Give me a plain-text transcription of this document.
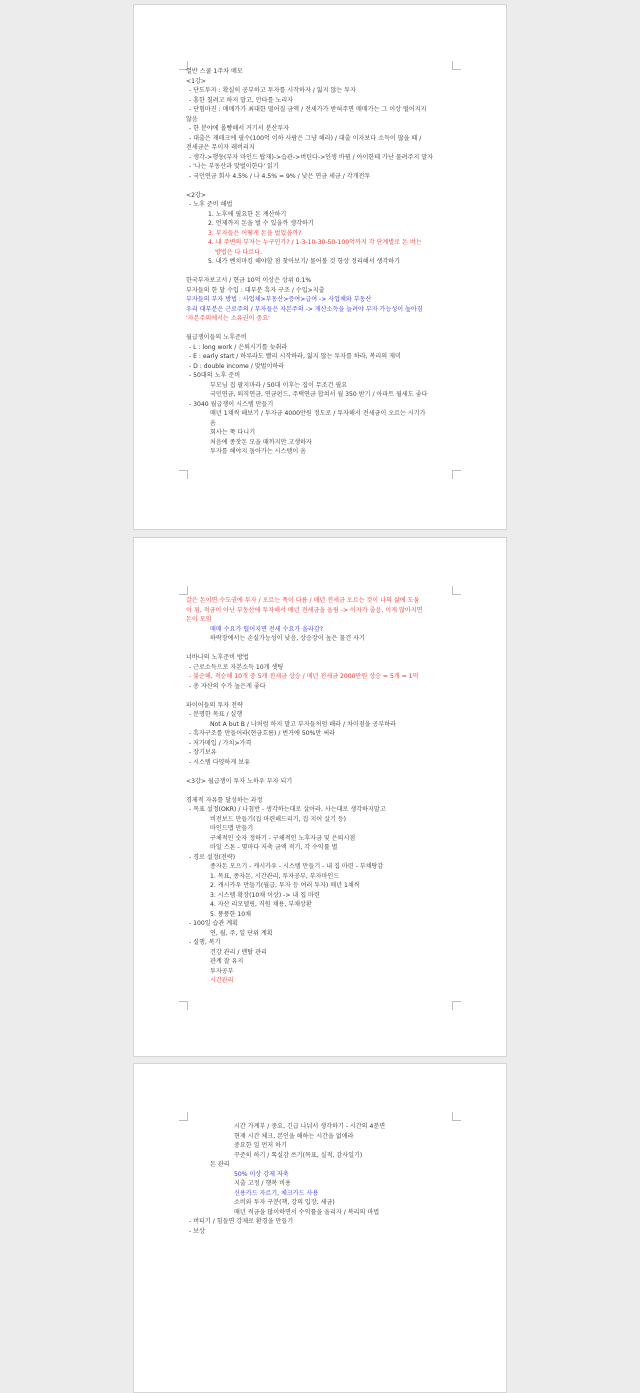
열반 스쿨 1주차 메모
<1강>
- 단도투자 : 확실히 공부하고 투자를 시작하자 / 잃지 않는 투자
- 흥한 칠려고 하지 말고, 안타를 노리자
- 단험마진 : 매매가가 최대한 떨어질 금액 / 전세가가 받혀주면 매매가는 그 이상 떨어지지
않음
- 한 분야에 몰빵해서 거기서 분산투자
- 대출은 재테크에 필수(100억 이하 사람은 그냥 해라) / 대출 이자보다 소득이 많을 때 /
전세금은 무이자 레버리지
- 생각->행동(부자 마인드 탑재)->습관->버틴다->인생 바뀜 / 아이한테 가난 물려주지 말자
- '나는 부동산과 맞벌이한다' 읽기
- 국민연금 회사 4.5% / 나 4.5% = 9% / 낮은 연금 세금 / 각개전투
<2강>
- 노후 준비 해법
1. 노후에 필요한 돈 계산하기
2. 언제까지 돈을 벌 수 있을까 생각하기
3. 부자들은 어떻게 돈을 벌었을까?
4. 내 주변의 부자는 누구인가? / 1-3-10-30-50-100억까지 각 단계별로 돈 버는
방법은 다 다르다.
5. 내가 벤치마킹 해야할 점 찾아보기/ 물어볼 것 항상 정리해서 생각하기
한국부자보고서 / 현금 10억 이상은 상위 0.1%
부자들의 한 달 수입 : 대부분 흑자 구조 / 수입>지출
부자들의 부자 방법 : 사업체>부동산>증여>급여 -> 사업체와 부동산
우리 대부분은 근로주의 / 부자들은 자본주의 -> 재산소득을 늘려야 부자 가능성이 높아짐
'자본주의에서는 소유권이 중요'
월급쟁이들의 노후준비
- L : long work / 은퇴시기를 늦춰라
- E : early start / 하루라도 빨리 시작하라, 잃지 않는 투자를 하라, 복리의 재미
- D : double income / 맞벌이하라
- 50대의 노후 준비
부모님 집 팔지마라 / 50대 이후는 집이 무조건 필요
국민연금, 퇴직연금, 연금펀드, 주택연금 합쳐서 월 350 받기 / 아파트 월세도 좋다
- 3040 월급쟁이 시스템 만들기
매년 1채씩 해보기 / 투자금 4000만원 정도로 / 투자해서 전세금이 오르는 시기가
옴
회사는 쭉 다니기
처음에 종잣돈 모을 때까지만 고생하자
투자를 해야지 돌아가는 시스템이 옴
갈은 돈이면 수도권에 투자 / 오르는 폭이 다름 / 매년 전세금 오르는 것이 나의 삶에 도움
이 됨, 적금이 아닌 부동산에 투자해서 매년 전세금을 올림 -> 이자가 줄음, 이게 많아지면
돈이 모임
매매 수요가 떨어지면 전세 수요가 올라감?
하락장에서는 손실가능성이 낮음, 상승장이 높은 물건 사기
너바나의 노후준비 방법
- 근로소득으로 자본소득 10개 셋팅
- 불순해, 적순해 10개 중 5개 전세금 상승 / 매년 전세금 2000만원 상승 = 5개 = 1억
- 총 자산의 수가 높은게 좋다
파이어들의 투자 전략
- 분명한 목표 / 실행
Not A but B / 나처럼 하지 말고 부자들처럼 해라 / 차이점을 공부하라
- 흑자구조를 만들어라(현금흐름) / 번거에 50%만 써라
- 저가매입 / 가치>가격
- 장기보유
- 시스템 다양하게 보유
<3강> 월급쟁이 투자 노하우 부자 되기
경제적 자유를 달성하는 과정
- 목표 설정(OKR) / 나침반 - 생각하는대로 살아라. 사는대로 생각하지말고
비전보드 만들기(집 마련해드리기, 집 지어 살기 등)
마인드맵 만들기
구체적인 숫자 정하기 - 구체적인 노후자금 및 은퇴시점
마일 스톤 - 몇마다 저축 금액 적기, 각 수익률 별
- 경로 설정(전략)
종자돈 모으기 - 캐시카우 - 시스템 만들기 - 내 집 마련 - 부채탕감
1. 목표, 종자돈, 시간관리, 투자공부, 부자마인드
2. 캐시카우 만들기(월급, 투자 등 여러 투자) 매년 1채씩
3. 시스템 확장(10채 이상) -> 내 집 마련
4. 자산 리모델링, 직원 채용, 부채상환
5. 풍풍한 10채
- 100일 습관 계획
연, 월, 주, 일 단위 계획
- 실행, 복기
건강 관리 / 멘탈 관리
관계 잘 유지
투자공부
시간관리
시간 가계부 / 중요, 긴급 나눠서 생각하기 - 시간의 4분면
현재 시간 체크, 본인을 해하는 시간을 없애라
중요한 일 먼저 하기
꾸준히 하기 / 톡실감 쓰기(목표, 실적, 감사일기)
돈 관리
50% 이상 강제 저축
지출 고정 / 행복 비용
신용카드 자르기, 체크카드 사용
소비와 투자 구분(책, 강의 입장, 세금)
매년 적금을 많이하면서 수익률을 올리자 / 복리의 마법
- 버티기 / 힘들면 강제로 환경을 만들기
- 보상
